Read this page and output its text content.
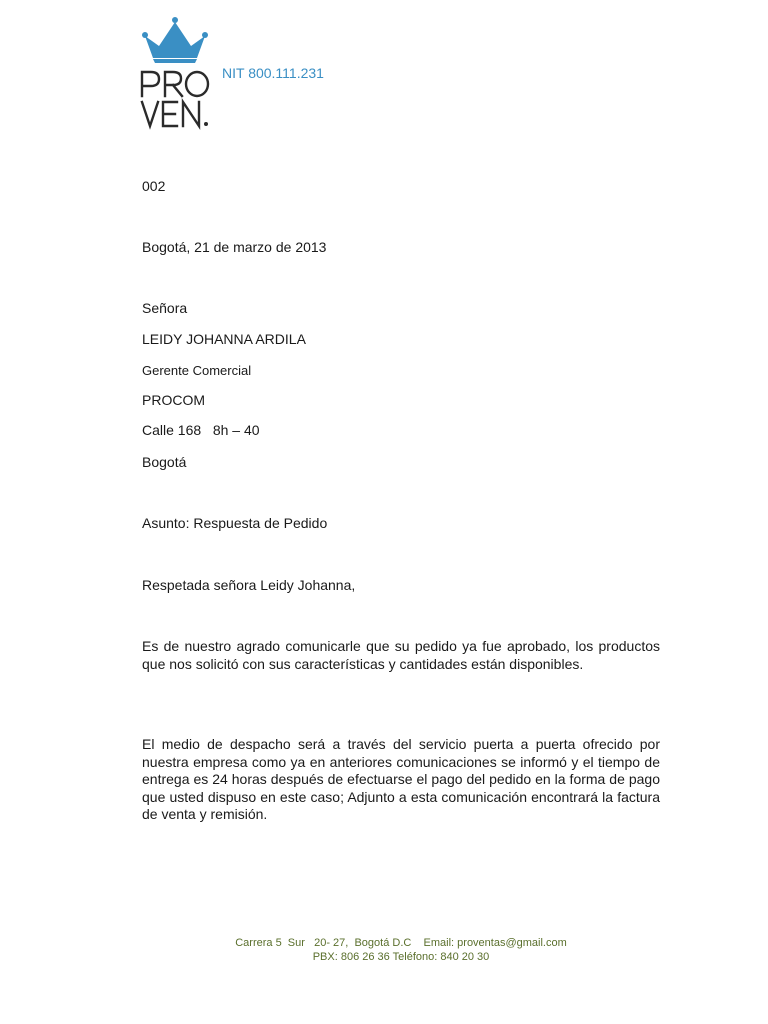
NIT 800.111.231
002
Bogotá, 21 de marzo de 2013
Señora
LEIDY JOHANNA ARDILA
Gerente Comercial
PROCOM
Calle 168   8h – 40
Bogotá
Asunto: Respuesta de Pedido
Respetada señora Leidy Johanna,
Es de nuestro agrado comunicarle que su pedido ya fue aprobado, los productos que nos solicitó con sus características y cantidades están disponibles.
El medio de despacho será a través del servicio puerta a puerta ofrecido por nuestra empresa como ya en anteriores comunicaciones se informó y el tiempo de entrega es 24 horas después de efectuarse el pago del pedido en la forma de pago que usted dispuso en este caso; Adjunto a esta comunicación encontrará la factura de venta y remisión.
Carrera 5  Sur   20- 27,  Bogotá D.C    Email: proventas@gmail.com
PBX: 806 26 36 Teléfono: 840 20 30
